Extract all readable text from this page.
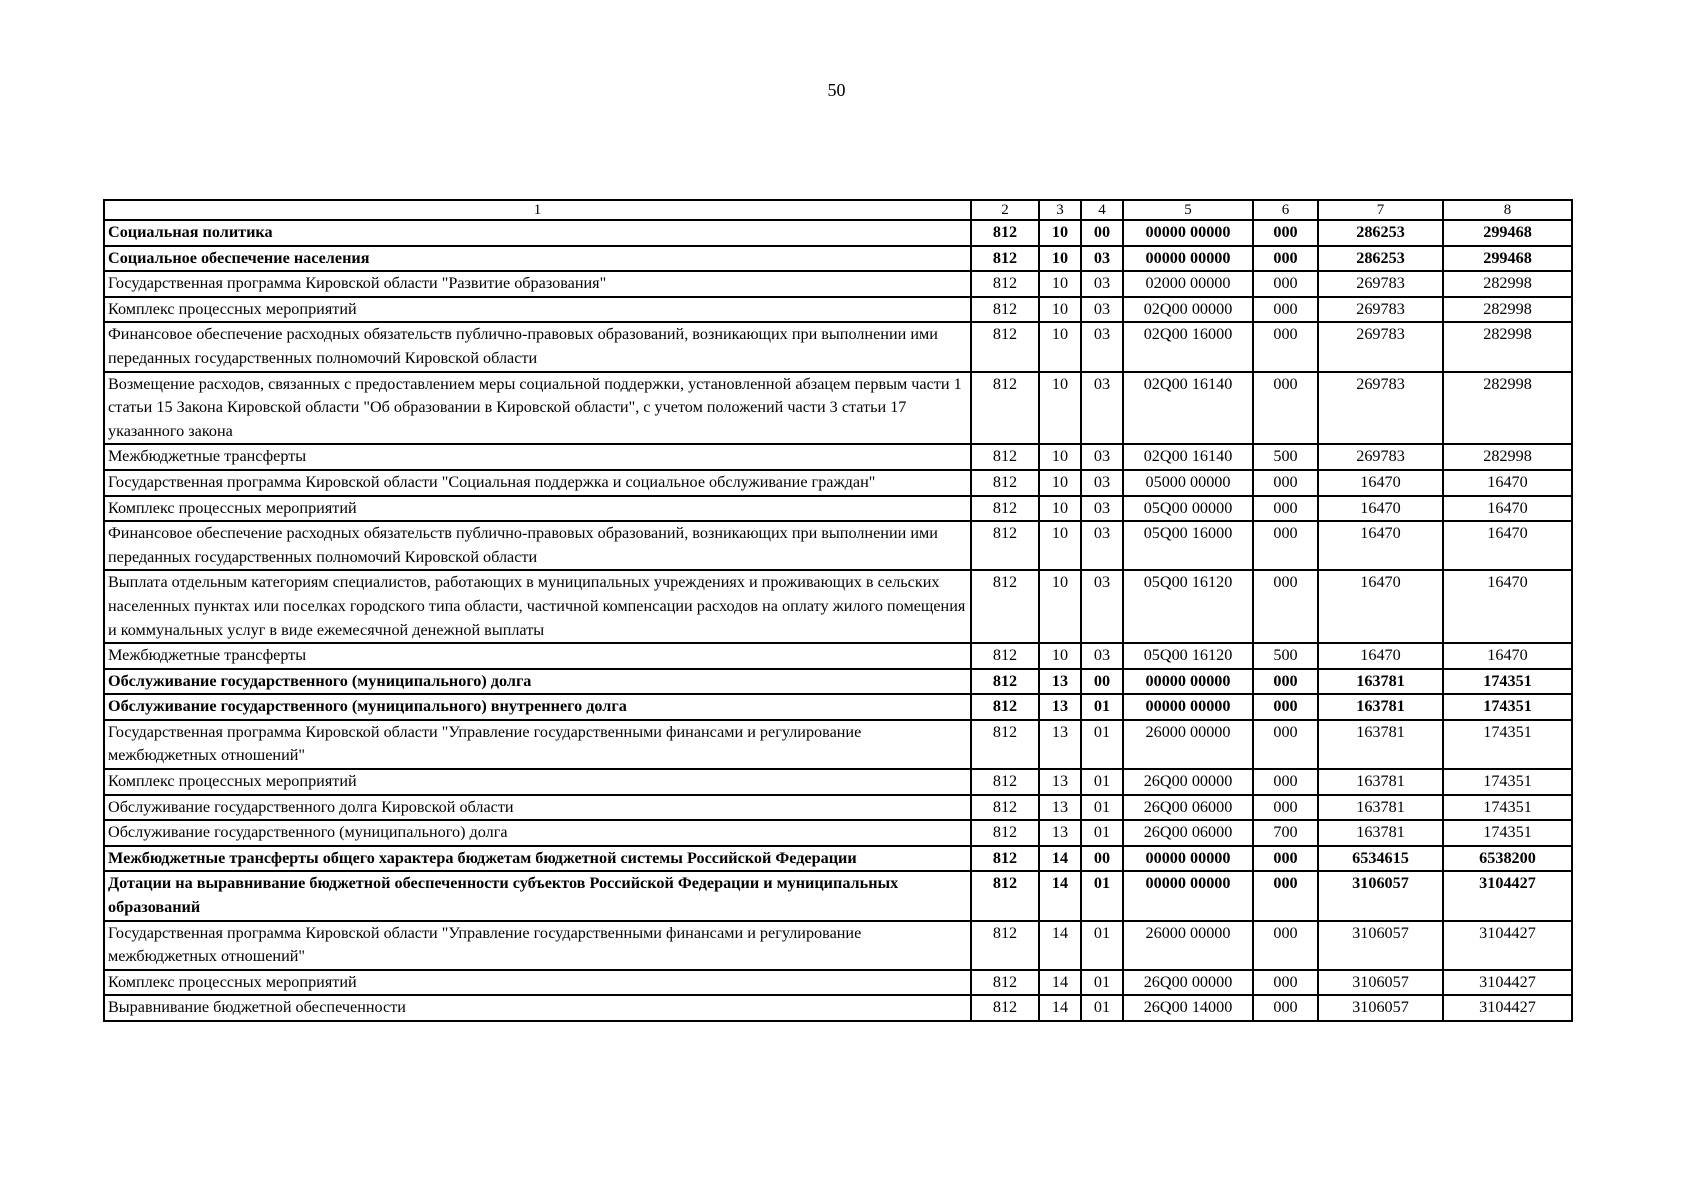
50
1	2	3	4	5	6	7	8
Социальная политика	812	10	00	00000 00000	000	286253	299468
Социальное обеспечение населения	812	10	03	00000 00000	000	286253	299468
Государственная программа Кировской области "Развитие образования"	812	10	03	02000 00000	000	269783	282998
Комплекс процессных мероприятий	812	10	03	02Q00 00000	000	269783	282998
Финансовое обеспечение расходных обязательств публично-правовых образований, возникающих при выполнении ими переданных государственных полномочий Кировской области	812	10	03	02Q00 16000	000	269783	282998
Возмещение расходов, связанных с предоставлением меры социальной поддержки, установленной абзацем первым части 1 статьи 15 Закона Кировской области "Об образовании в Кировской области", с учетом положений части 3 статьи 17 указанного закона	812	10	03	02Q00 16140	000	269783	282998
Межбюджетные трансферты	812	10	03	02Q00 16140	500	269783	282998
Государственная программа Кировской области "Социальная поддержка и социальное обслуживание граждан"	812	10	03	05000 00000	000	16470	16470
Комплекс процессных мероприятий	812	10	03	05Q00 00000	000	16470	16470
Финансовое обеспечение расходных обязательств публично-правовых образований, возникающих при выполнении ими переданных государственных полномочий Кировской области	812	10	03	05Q00 16000	000	16470	16470
Выплата отдельным категориям специалистов, работающих в муниципальных учреждениях и проживающих в сельских населенных пунктах или поселках городского типа области, частичной компенсации расходов на оплату жилого помещения и коммунальных услуг в виде ежемесячной денежной выплаты	812	10	03	05Q00 16120	000	16470	16470
Межбюджетные трансферты	812	10	03	05Q00 16120	500	16470	16470
Обслуживание государственного (муниципального) долга	812	13	00	00000 00000	000	163781	174351
Обслуживание государственного (муниципального) внутреннего долга	812	13	01	00000 00000	000	163781	174351
Государственная программа Кировской области "Управление государственными финансами и регулирование межбюджетных отношений"	812	13	01	26000 00000	000	163781	174351
Комплекс процессных мероприятий	812	13	01	26Q00 00000	000	163781	174351
Обслуживание государственного долга Кировской области	812	13	01	26Q00 06000	000	163781	174351
Обслуживание государственного (муниципального) долга	812	13	01	26Q00 06000	700	163781	174351
Межбюджетные трансферты общего характера бюджетам бюджетной системы Российской Федерации	812	14	00	00000 00000	000	6534615	6538200
Дотации на выравнивание бюджетной обеспеченности субъектов Российской Федерации и муниципальных образований	812	14	01	00000 00000	000	3106057	3104427
Государственная программа Кировской области "Управление государственными финансами и регулирование межбюджетных отношений"	812	14	01	26000 00000	000	3106057	3104427
Комплекс процессных мероприятий	812	14	01	26Q00 00000	000	3106057	3104427
Выравнивание бюджетной обеспеченности	812	14	01	26Q00 14000	000	3106057	3104427
